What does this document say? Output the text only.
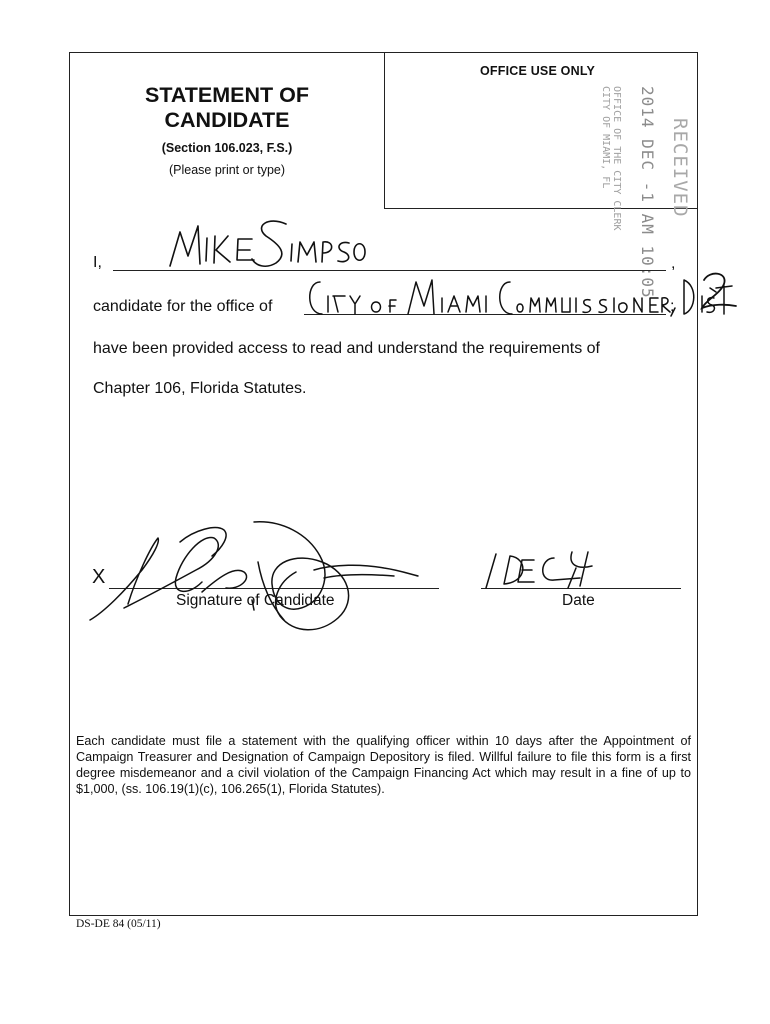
OFFICE USE ONLY
RECEIVED
2014 DEC -1 AM 10:05
OFFICE OF THE CITY CLERK
CITY OF MIAMI, FL
STATEMENT OF
CANDIDATE
(Section 106.023, F.S.)
(Please print or type)
I,	,
candidate for the office of	;
have been provided access to read and understand the requirements of
Chapter 106, Florida Statutes.
X
Signature of Candidate	Date
Each candidate must file a statement with the qualifying officer within 10 days after the Appointment of Campaign Treasurer and Designation of Campaign Depository is filed. Willful failure to file this form is a first degree misdemeanor and a civil violation of the Campaign Financing Act which may result in a fine of up to $1,000, (ss. 106.19(1)(c), 106.265(1), Florida Statutes).
DS-DE 84 (05/11)
